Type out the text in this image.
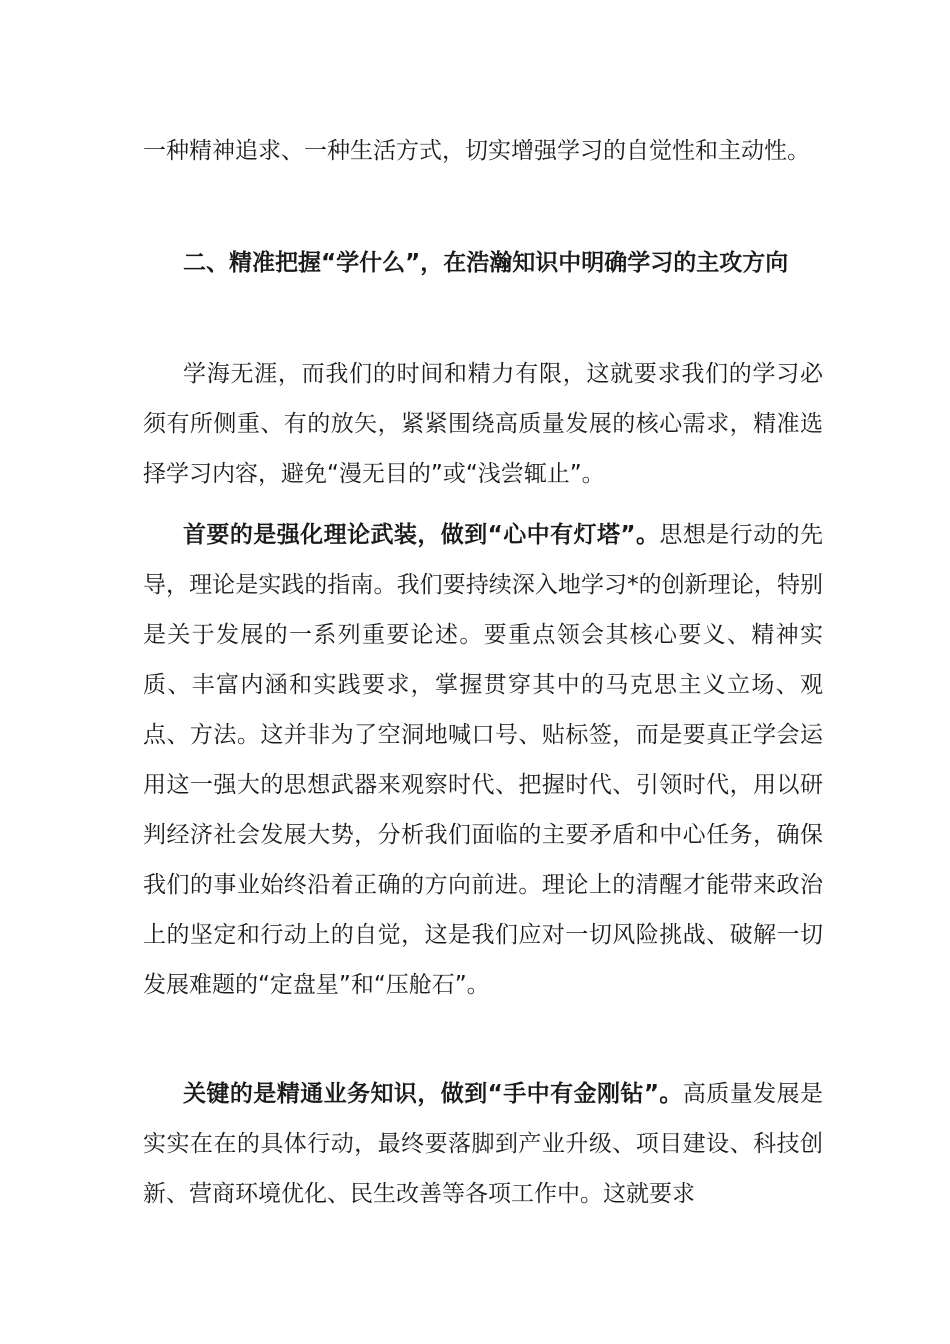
一种精神追求、一种生活方式，切实增强学习的自觉性和主动性。

二、精准把握“学什么”，在浩瀚知识中明确学习的主攻方向

学海无涯，而我们的时间和精力有限，这就要求我们的学习必须有所侧重、有的放矢，紧紧围绕高质量发展的核心需求，精准选择学习内容，避免“漫无目的”或“浅尝辄止”。

首要的是强化理论武装，做到“心中有灯塔”。思想是行动的先导，理论是实践的指南。我们要持续深入地学习*的创新理论，特别是关于发展的一系列重要论述。要重点领会其核心要义、精神实质、丰富内涵和实践要求，掌握贯穿其中的马克思主义立场、观点、方法。这并非为了空洞地喊口号、贴标签，而是要真正学会运用这一强大的思想武器来观察时代、把握时代、引领时代，用以研判经济社会发展大势，分析我们面临的主要矛盾和中心任务，确保我们的事业始终沿着正确的方向前进。理论上的清醒才能带来政治上的坚定和行动上的自觉，这是我们应对一切风险挑战、破解一切发展难题的“定盘星”和“压舱石”。

关键的是精通业务知识，做到“手中有金刚钻”。高质量发展是实实在在的具体行动，最终要落脚到产业升级、项目建设、科技创新、营商环境优化、民生改善等各项工作中。这就要求
